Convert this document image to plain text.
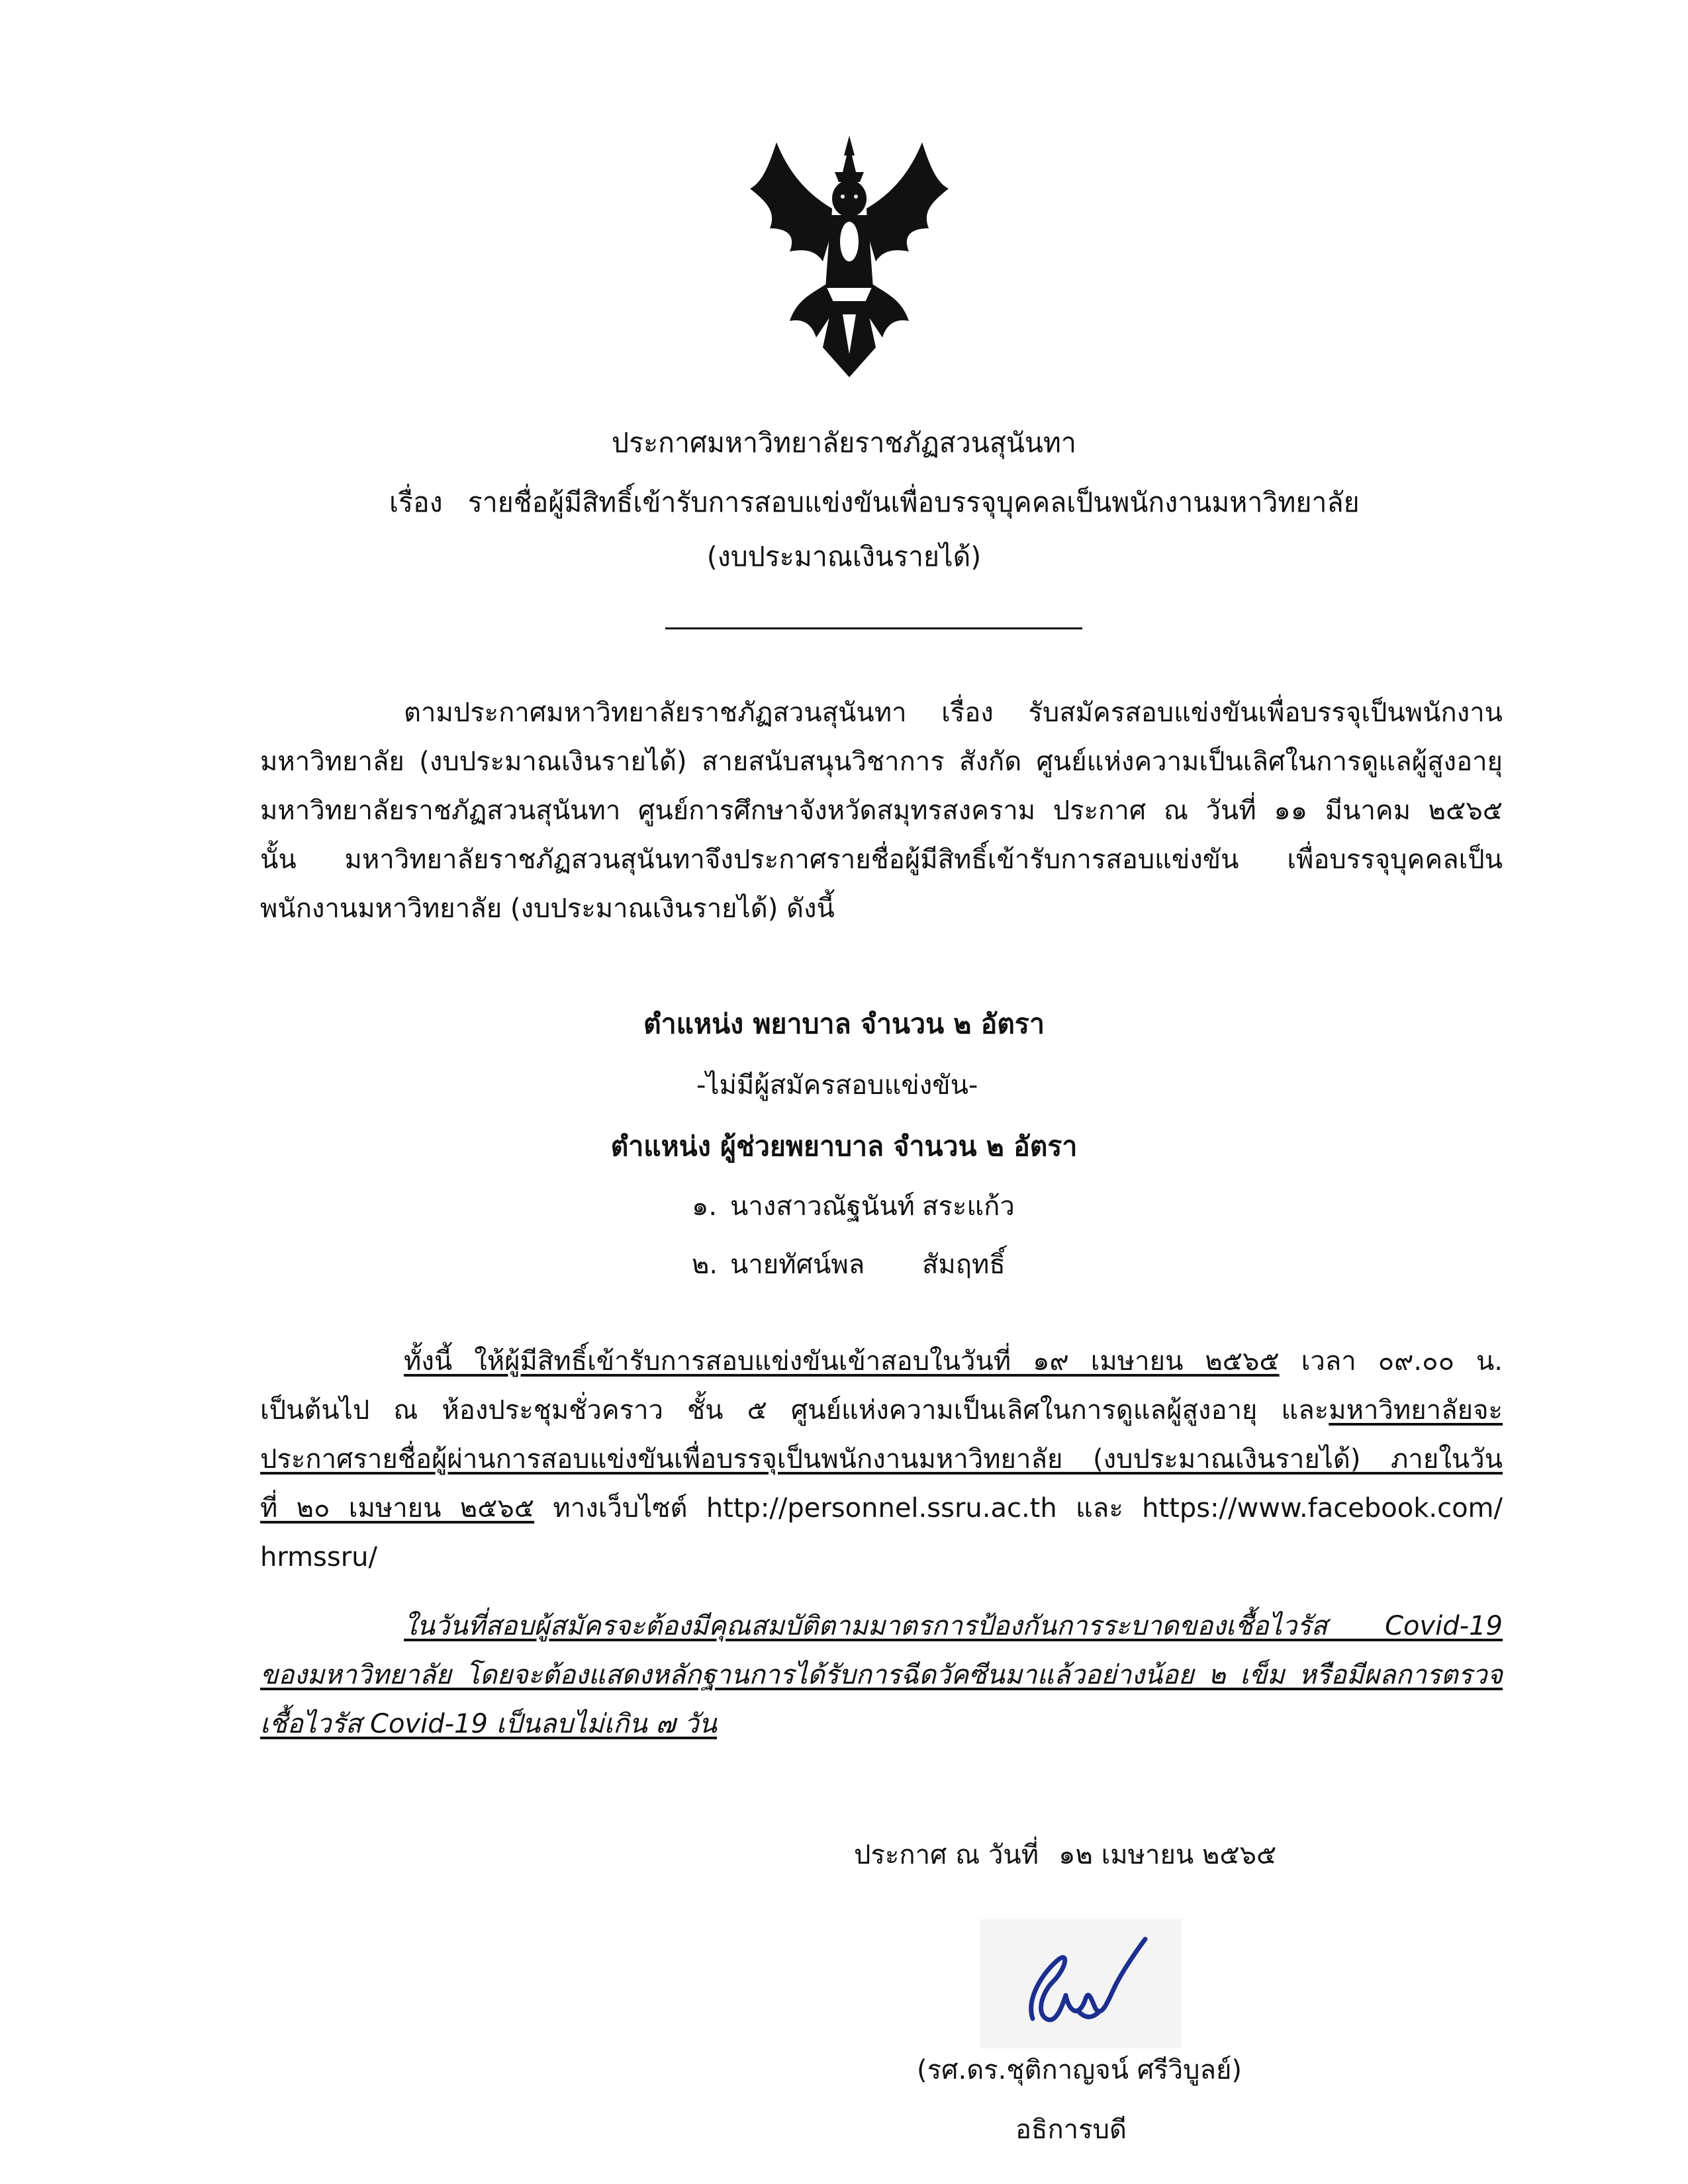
ประกาศมหาวิทยาลัยราชภัฏสวนสุนันทา
เรื่อง รายชื่อผู้มีสิทธิ์เข้ารับการสอบแข่งขันเพื่อบรรจุบุคคลเป็นพนักงานมหาวิทยาลัย
(งบประมาณเงินรายได้)

ตามประกาศมหาวิทยาลัยราชภัฏสวนสุนันทา เรื่อง รับสมัครสอบแข่งขันเพื่อบรรจุเป็นพนักงาน

มหาวิทยาลัย (งบประมาณเงินรายได้) สายสนับสนุนวิชาการ สังกัด ศูนย์แห่งความเป็นเลิศในการดูแลผู้สูงอายุ

มหาวิทยาลัยราชภัฏสวนสุนันทา ศูนย์การศึกษาจังหวัดสมุทรสงคราม ประกาศ ณ วันที่ ๑๑ มีนาคม ๒๕๖๕

นั้น มหาวิทยาลัยราชภัฏสวนสุนันทาจึงประกาศรายชื่อผู้มีสิทธิ์เข้ารับการสอบแข่งขัน เพื่อบรรจุบุคคลเป็น

พนักงานมหาวิทยาลัย (งบประมาณเงินรายได้) ดังนี้

ตำแหน่ง พยาบาล จำนวน ๒ อัตรา
-ไม่มีผู้สมัครสอบแข่งขัน-
ตำแหน่ง ผู้ช่วยพยาบาล จำนวน ๒ อัตรา
๑. นางสาวณัฐนันท์ สระแก้ว
๒. นายทัศน์พล สัมฤทธิ์

ทั้งนี้ ให้ผู้มีสิทธิ์เข้ารับการสอบแข่งขันเข้าสอบในวันที่ ๑๙ เมษายน ๒๕๖๕ เวลา ๐๙.๐๐ น.

เป็นต้นไป ณ ห้องประชุมชั่วคราว ชั้น ๕ ศูนย์แห่งความเป็นเลิศในการดูแลผู้สูงอายุ และมหาวิทยาลัยจะ

ประกาศรายชื่อผู้ผ่านการสอบแข่งขันเพื่อบรรจุเป็นพนักงานมหาวิทยาลัย (งบประมาณเงินรายได้) ภายในวัน

ที่ ๒๐ เมษายน ๒๕๖๕ ทางเว็บไซต์ http://personnel.ssru.ac.th และ https://www.facebook.com/

hrmssru/

ในวันที่สอบผู้สมัครจะต้องมีคุณสมบัติตามมาตรการป้องกันการระบาดของเชื้อไวรัส Covid-19

ของมหาวิทยาลัย โดยจะต้องแสดงหลักฐานการได้รับการฉีดวัคซีนมาแล้วอย่างน้อย ๒ เข็ม หรือมีผลการตรวจ

เชื้อไวรัส Covid-19 เป็นลบไม่เกิน ๗ วัน

ประกาศ ณ วันที่ ๑๒ เมษายน ๒๕๖๕
(รศ.ดร.ชุติกาญจน์ ศรีวิบูลย์)
อธิการบดี
